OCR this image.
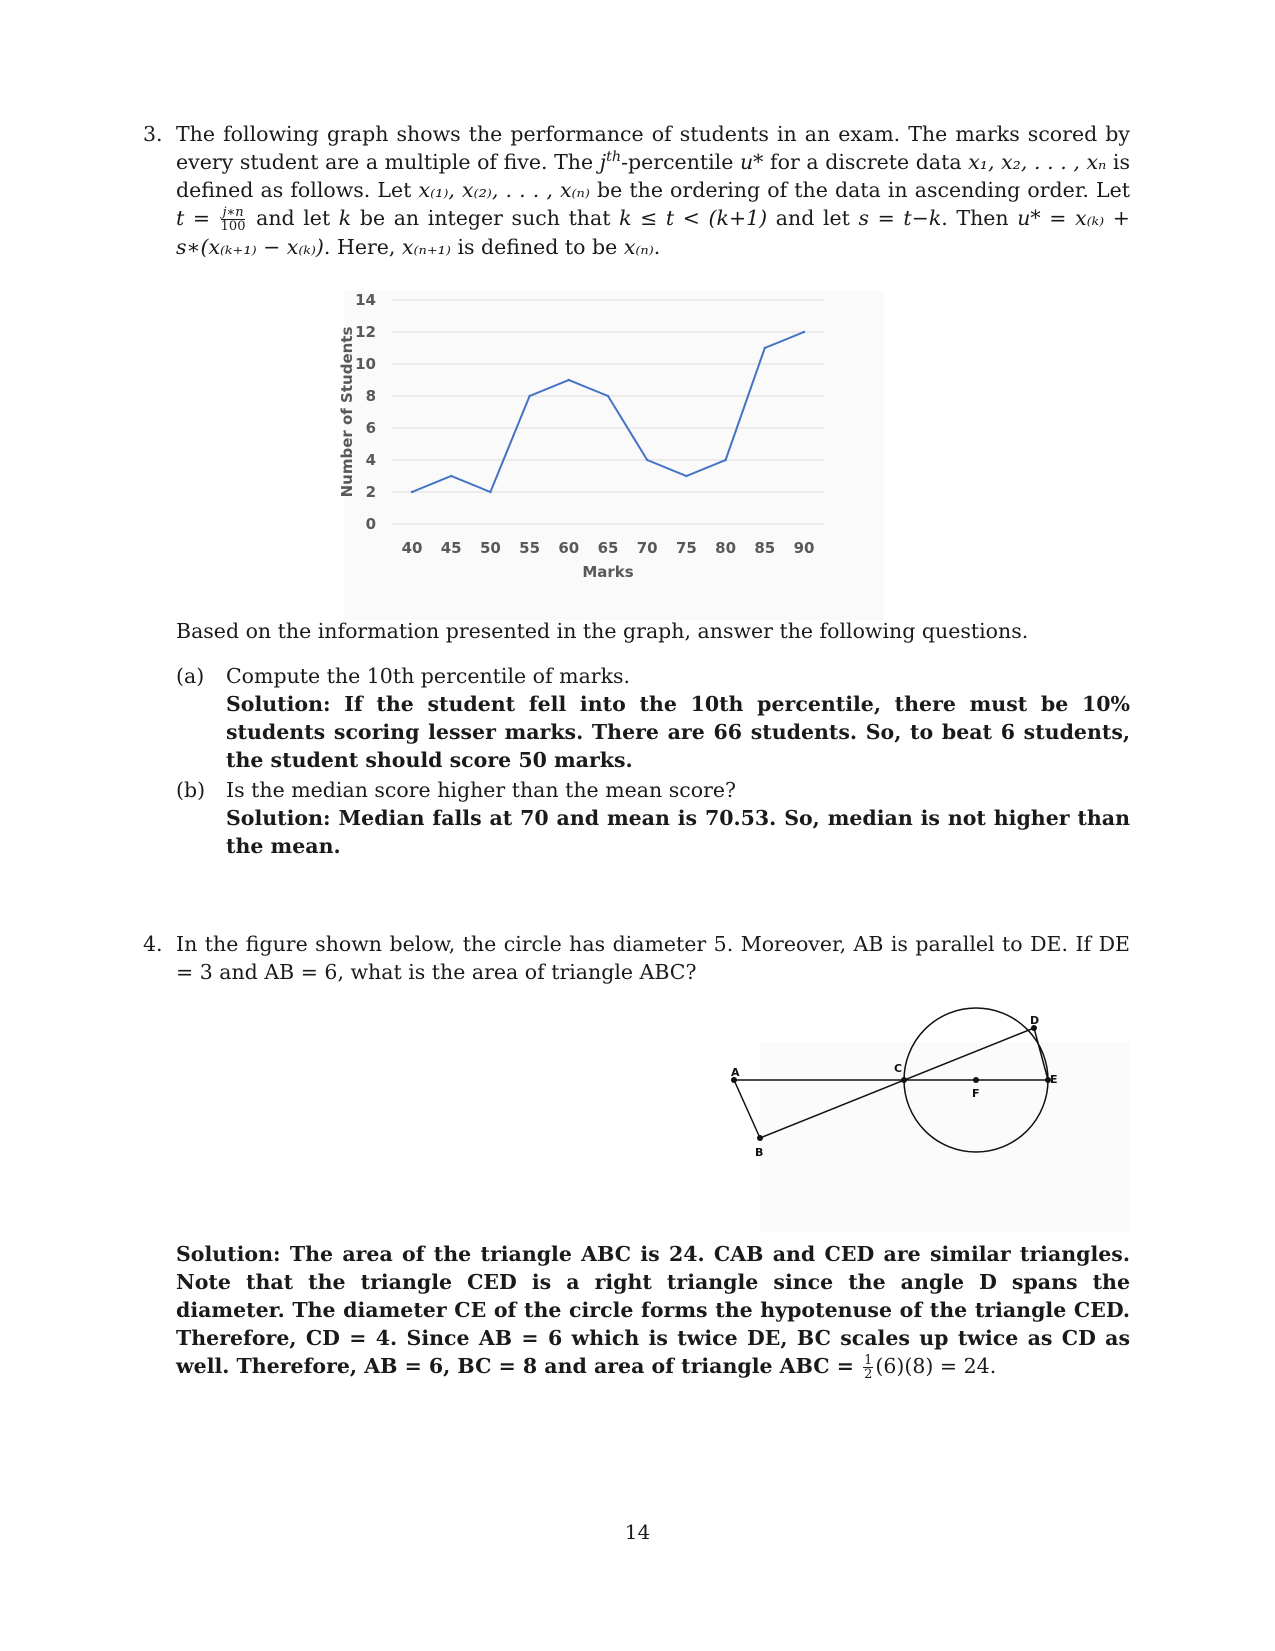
3. The following graph shows the performance of students in an exam. The marks scored by every student are a multiple of five. The $j^{th}$-percentile u* for a discrete data x₁, x₂, . . . , xₙ is defined as follows. Let x₍₁₎, x₍₂₎, . . . , x₍ₙ₎ be the ordering of the data in ascending order. Let $t = \frac{j∗n}{100}$ and let k be an integer such that k ≤ t < (k+1) and let s = t−k. Then u* = x₍ₖ₎ + s∗(x₍ₖ₊₁₎ − x₍ₖ₎). Here, x₍ₙ₊₁₎ is defined to be x₍ₙ₎.
0
2
4
6
8
10
12
14
40 45 50 55 60 65 70 75 80 85 90
Marks
Number of Students
Based on the information presented in the graph, answer the following questions.
(a) Compute the 10th percentile of marks.
Solution: If the student fell into the 10th percentile, there must be 10% students scoring lesser marks. There are 66 students. So, to beat 6 students, the student should score 50 marks.
(b) Is the median score higher than the mean score?
Solution: Median falls at 70 and mean is 70.53. So, median is not higher than the mean.
4. In the figure shown below, the circle has diameter 5. Moreover, AB is parallel to DE. If DE = 3 and AB = 6, what is the area of triangle ABC?
A
B
C
D
E
F
Solution: The area of the triangle ABC is 24. CAB and CED are similar triangles. Note that the triangle CED is a right triangle since the angle D spans the diameter. The diameter CE of the circle forms the hypotenuse of the triangle CED. Therefore, CD = 4. Since AB = 6 which is twice DE, BC scales up twice as CD as well. Therefore, AB = 6, BC = 8 and area of triangle ABC = $\frac{1}{2} (6)(8) = 24$.
14
